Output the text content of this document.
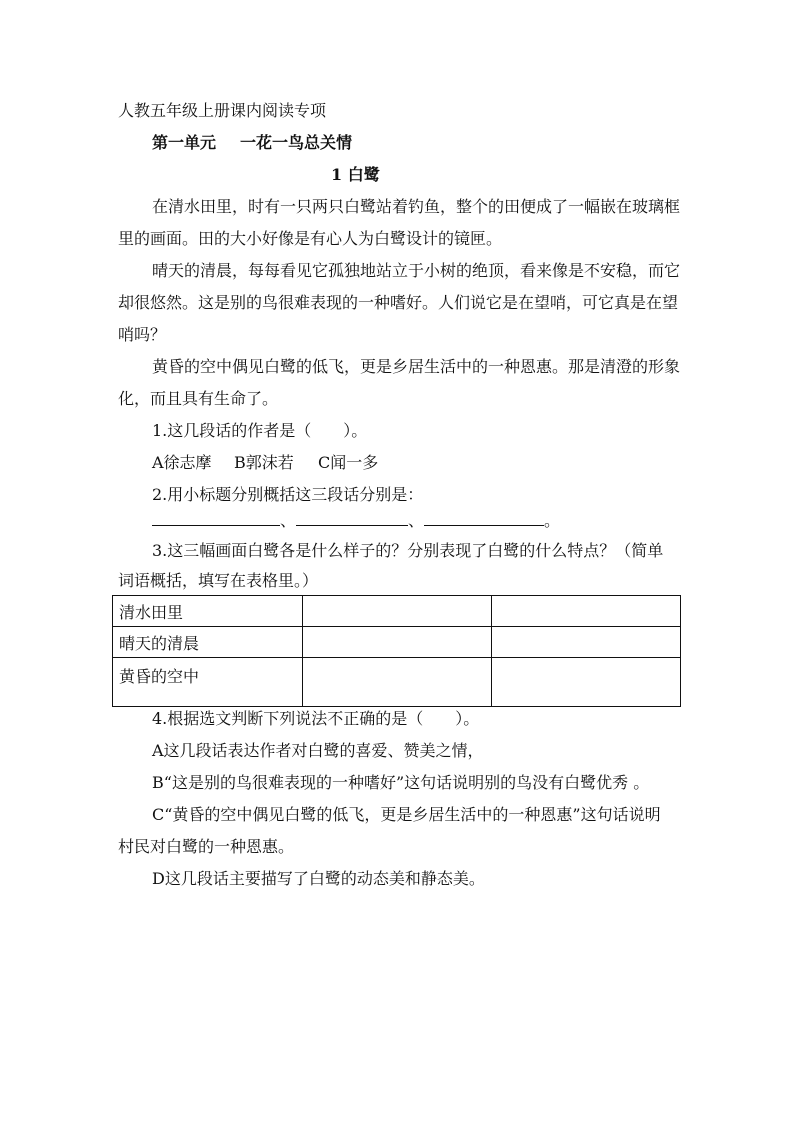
人教五年级上册课内阅读专项
第一单元 一花一鸟总关情
1 白鹭
在清水田里，时有一只两只白鹭站着钓鱼，整个的田便成了一幅嵌在玻璃框
里的画面。田的大小好像是有心人为白鹭设计的镜匣。
晴天的清晨，每每看见它孤独地站立于小树的绝顶，看来像是不安稳，而它
却很悠然。这是别的鸟很难表现的一种嗜好。人们说它是在望哨，可它真是在望
哨吗？
黄昏的空中偶见白鹭的低飞，更是乡居生活中的一种恩惠。那是清澄的形象
化，而且具有生命了。
1.这几段话的作者是（　　）。
A徐志摩 B郭沫若 C闻一多
2.用小标题分别概括这三段话分别是：
、	、	。
3.这三幅画面白鹭各是什么样子的？分别表现了白鹭的什么特点？（简单
词语概括，填写在表格里。）
清水田里		
晴天的清晨		
黄昏的空中		
4.根据选文判断下列说法不正确的是（　　）。
A这几段话表达作者对白鹭的喜爱、赞美之情，
B“这是别的鸟很难表现的一种嗜好”这句话说明别的鸟没有白鹭优秀 。
C“黄昏的空中偶见白鹭的低飞，更是乡居生活中的一种恩惠”这句话说明
村民对白鹭的一种恩惠。
D这几段话主要描写了白鹭的动态美和静态美。
